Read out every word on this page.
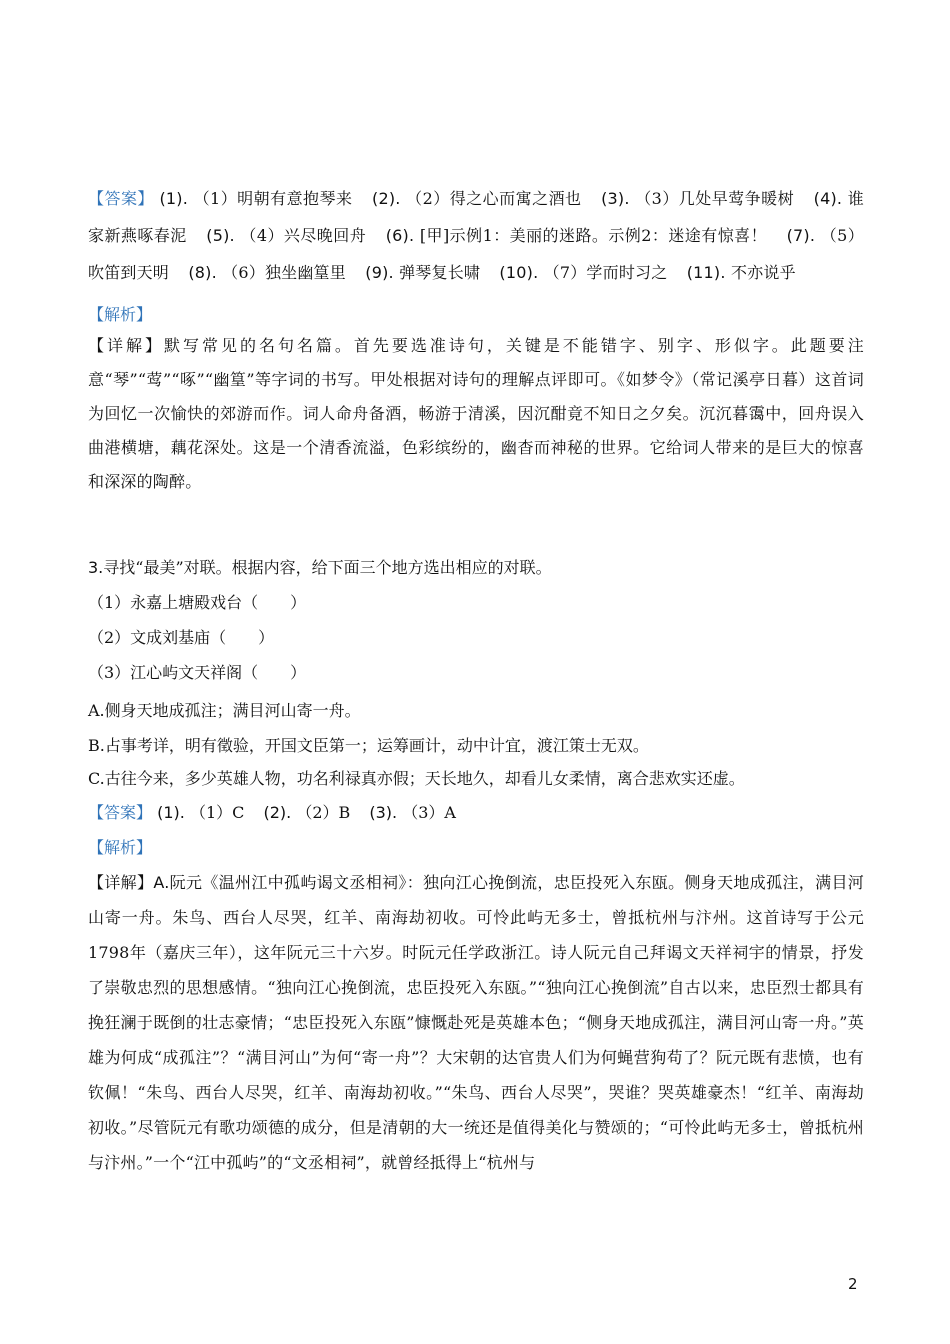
【答案】 (1). （1）明朝有意抱琴来 (2). （2）得之心而寓之酒也 (3). （3）几处早莺争暖树 (4). 谁家新燕啄春泥 (5). （4）兴尽晚回舟 (6). [甲]示例1：美丽的迷路。示例2：迷途有惊喜！ (7). （5）吹笛到天明 (8). （6）独坐幽篁里 (9). 弹琴复长啸 (10). （7）学而时习之 (11). 不亦说乎
【解析】
【详解】默写常见的名句名篇。首先要选准诗句，关键是不能错字、别字、形似字。此题要注意“琴”“莺”“啄”“幽篁”等字词的书写。甲处根据对诗句的理解点评即可。《如梦令》（常记溪亭日暮）这首词为回忆一次愉快的郊游而作。词人命舟备酒，畅游于清溪，因沉酣竟不知日之夕矣。沉沉暮霭中，回舟误入曲港横塘，藕花深处。这是一个清香流溢，色彩缤纷的，幽杳而神秘的世界。它给词人带来的是巨大的惊喜和深深的陶醉。
3.寻找“最美”对联。根据内容，给下面三个地方选出相应的对联。
（1）永嘉上塘殿戏台（　　）
（2）文成刘基庙（　　）
（3）江心屿文天祥阁（　　）
A.侧身天地成孤注；满目河山寄一舟。
B.占事考详，明有徵验，开国文臣第一；运筹画计，动中计宜，渡江策士无双。
C.古往今来，多少英雄人物，功名利禄真亦假；天长地久，却看儿女柔情，离合悲欢实还虚。
【答案】 (1). （1）C (2). （2）B (3). （3）A
【解析】
【详解】A.阮元《温州江中孤屿谒文丞相祠》：独向江心挽倒流，忠臣投死入东瓯。侧身天地成孤注，满目河山寄一舟。朱鸟、西台人尽哭，红羊、南海劫初收。可怜此屿无多士，曾抵杭州与汴州。这首诗写于公元1798年（嘉庆三年），这年阮元三十六岁。时阮元任学政浙江。诗人阮元自己拜谒文天祥祠宇的情景，抒发了崇敬忠烈的思想感情。“独向江心挽倒流，忠臣投死入东瓯。”“独向江心挽倒流”自古以来，忠臣烈士都具有挽狂澜于既倒的壮志豪情；“忠臣投死入东瓯”慷慨赴死是英雄本色；“侧身天地成孤注，满目河山寄一舟。”英雄为何成“成孤注”？“满目河山”为何“寄一舟”？大宋朝的达官贵人们为何蝇营狗苟了？阮元既有悲愤，也有钦佩！“朱鸟、西台人尽哭，红羊、南海劫初收。”“朱鸟、西台人尽哭”，哭谁？哭英雄豪杰！“红羊、南海劫初收。”尽管阮元有歌功颂德的成分，但是清朝的大一统还是值得美化与赞颂的；“可怜此屿无多士，曾抵杭州与汴州。”一个“江中孤屿”的“文丞相祠”，就曾经抵得上“杭州与
2
